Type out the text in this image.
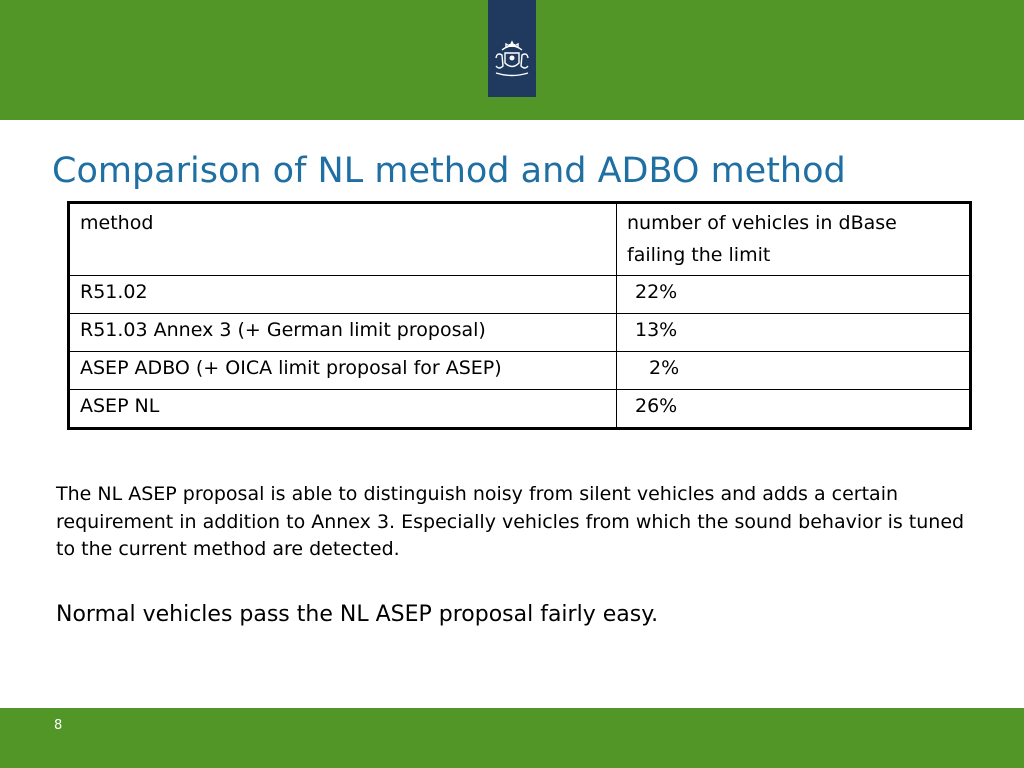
Comparison of NL method and ADBO method
method	number of vehicles in dBase failing the limit
R51.02	22%
R51.03 Annex 3 (+ German limit proposal)	13%
ASEP ADBO (+ OICA limit proposal for ASEP)	2%
ASEP NL	26%

The NL ASEP proposal is able to distinguish noisy from silent vehicles and adds a certain requirement in addition to Annex 3. Especially vehicles from which the sound behavior is tuned to the current method are detected.

Normal vehicles pass the NL ASEP proposal fairly easy.

8
